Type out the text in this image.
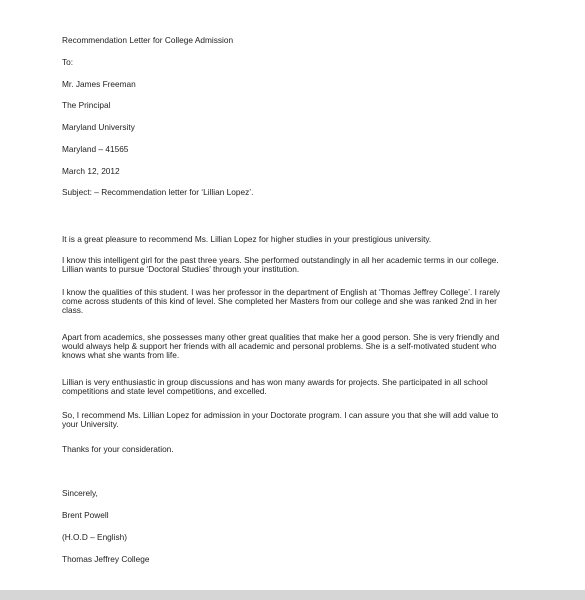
Recommendation Letter for College Admission

To:

Mr. James Freeman

The Principal

Maryland University

Maryland – 41565

March 12, 2012

Subject: – Recommendation letter for ‘Lillian Lopez’.

It is a great pleasure to recommend Ms. Lillian Lopez for higher studies in your prestigious university.
I know this intelligent girl for the past three years. She performed outstandingly in all her academic terms in our college.
Lillian wants to pursue ‘Doctoral Studies’ through your institution.
I know the qualities of this student. I was her professor in the department of English at ‘Thomas Jeffrey College’. I rarely
come across students of this kind of level. She completed her Masters from our college and she was ranked 2nd in her
class.
Apart from academics, she possesses many other great qualities that make her a good person. She is very friendly and
would always help & support her friends with all academic and personal problems. She is a self-motivated student who
knows what she wants from life.
Lillian is very enthusiastic in group discussions and has won many awards for projects. She participated in all school
competitions and state level competitions, and excelled.
So, I recommend Ms. Lillian Lopez for admission in your Doctorate program. I can assure you that she will add value to
your University.
Thanks for your consideration.

Sincerely,

Brent Powell

(H.O.D – English)

Thomas Jeffrey College
